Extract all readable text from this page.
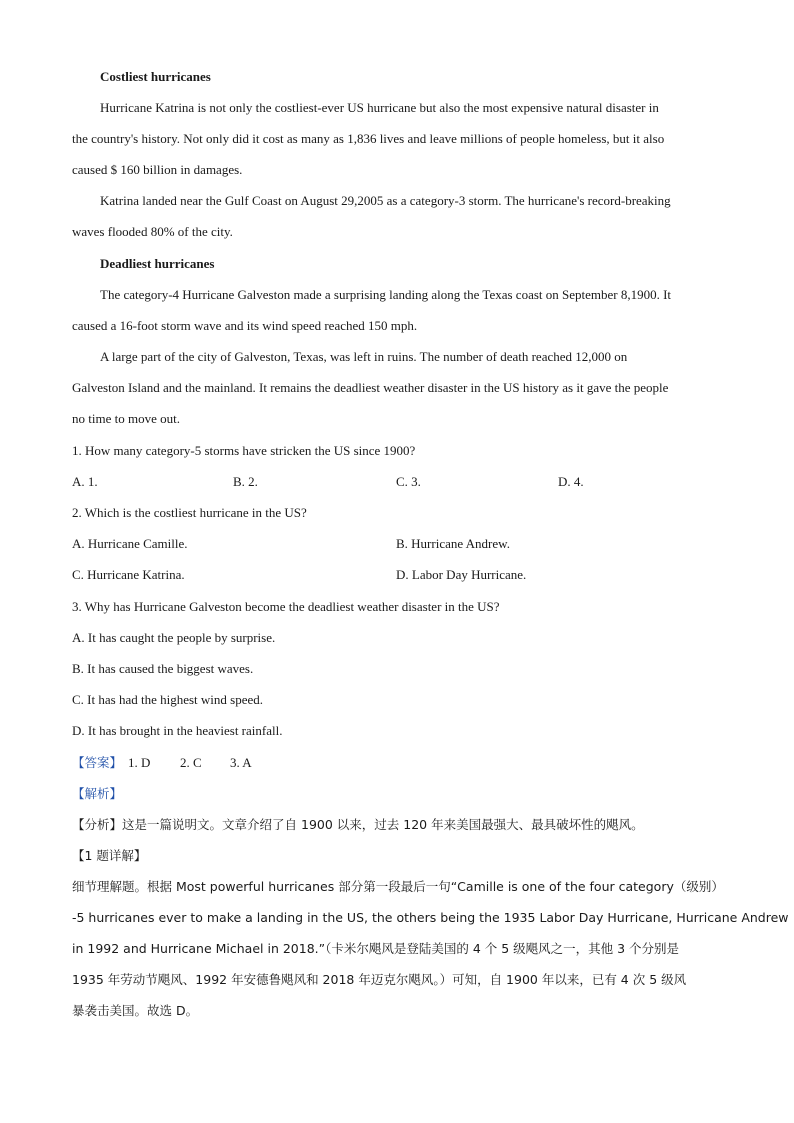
Costliest hurricanes
Hurricane Katrina is not only the costliest-ever US hurricane but also the most expensive natural disaster in
the country's history. Not only did it cost as many as 1,836 lives and leave millions of people homeless, but it also
caused $ 160 billion in damages.
Katrina landed near the Gulf Coast on August 29,2005 as a category-3 storm. The hurricane's record-breaking
waves flooded 80% of the city.
Deadliest hurricanes
The category-4 Hurricane Galveston made a surprising landing along the Texas coast on September 8,1900. It
caused a 16-foot storm wave and its wind speed reached 150 mph.
A large part of the city of Galveston, Texas, was left in ruins. The number of death reached 12,000 on
Galveston Island and the mainland. It remains the deadliest weather disaster in the US history as it gave the people
no time to move out.
1. How many category-5 storms have stricken the US since 1900?
A. 1.	B. 2.	C. 3.	D. 4.
2. Which is the costliest hurricane in the US?
A. Hurricane Camille.	B. Hurricane Andrew.
C. Hurricane Katrina.	D. Labor Day Hurricane.
3. Why has Hurricane Galveston become the deadliest weather disaster in the US?
A. It has caught the people by surprise.
B. It has caused the biggest waves.
C. It has had the highest wind speed.
D. It has brought in the heaviest rainfall.
【答案】 1. D 2. C 3. A
【解析】
【分析】这是一篇说明文。文章介绍了自 1900 以来，过去 120 年来美国最强大、最具破坏性的飓风。
【1 题详解】
细节理解题。根据 Most powerful hurricanes 部分第一段最后一句“Camille is one of the four category（级别）
-5 hurricanes ever to make a landing in the US, the others being the 1935 Labor Day Hurricane, Hurricane Andrew
in 1992 and Hurricane Michael in 2018.”（卡米尔飓风是登陆美国的 4 个 5 级飓风之一，其他 3 个分别是
1935 年劳动节飓风、1992 年安德鲁飓风和 2018 年迈克尔飓风。）可知，自 1900 年以来，已有 4 次 5 级风
暴袭击美国。故选 D。
